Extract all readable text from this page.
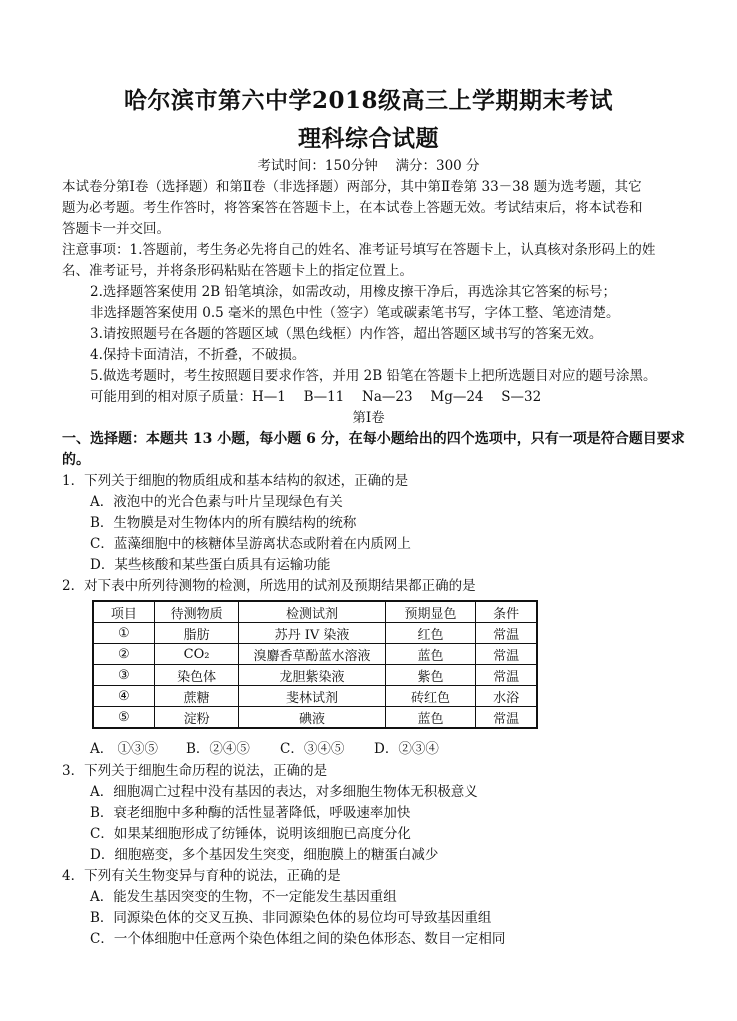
哈尔滨市第六中学2018级高三上学期期末考试
理科综合试题
考试时间：150分钟　 满分：300 分
本试卷分第Ⅰ卷（选择题）和第Ⅱ卷（非选择题）两部分，其中第Ⅱ卷第 33－38 题为选考题，其它
题为必考题。考生作答时，将答案答在答题卡上，在本试卷上答题无效。考试结束后，将本试卷和
答题卡一并交回。
注意事项：1.答题前，考生务必先将自己的姓名、准考证号填写在答题卡上，认真核对条形码上的姓
名、准考证号，并将条形码粘贴在答题卡上的指定位置上。
2.选择题答案使用 2B 铅笔填涂，如需改动，用橡皮擦干净后，再选涂其它答案的标号；
非选择题答案使用 0.5 毫米的黑色中性（签字）笔或碳素笔书写，字体工整、笔迹清楚。
3.请按照题号在各题的答题区域（黑色线框）内作答，超出答题区域书写的答案无效。
4.保持卡面清洁，不折叠，不破损。
5.做选考题时，考生按照题目要求作答，并用 2B 铅笔在答题卡上把所选题目对应的题号涂黑。
可能用到的相对原子质量：H—1　 B—11　 Na—23　 Mg—24　 S—32
第Ⅰ卷
一、选择题：本题共 13 小题，每小题 6 分，在每小题给出的四个选项中，只有一项是符合题目要求
的。
1．下列关于细胞的物质组成和基本结构的叙述，正确的是
A．液泡中的光合色素与叶片呈现绿色有关
B．生物膜是对生物体内的所有膜结构的统称
C．蓝藻细胞中的核糖体呈游离状态或附着在内质网上
D．某些核酸和某些蛋白质具有运输功能
2．对下表中所列待测物的检测，所选用的试剂及预期结果都正确的是
项目	待测物质	检测试剂	预期显色	条件
①	脂肪	苏丹 IV 染液	红色	常温
②	CO₂	溴麝香草酚蓝水溶液	蓝色	常温
③	染色体	龙胆紫染液	紫色	常温
④	蔗糖	斐林试剂	砖红色	水浴
⑤	淀粉	碘液	蓝色	常温
A． ①③⑤ B．②④⑤ C．③④⑤ D．②③④
3．下列关于细胞生命历程的说法，正确的是
A．细胞凋亡过程中没有基因的表达，对多细胞生物体无积极意义
B．衰老细胞中多种酶的活性显著降低，呼吸速率加快
C．如果某细胞形成了纺锤体，说明该细胞已高度分化
D．细胞癌变，多个基因发生突变，细胞膜上的糖蛋白减少
4．下列有关生物变异与育种的说法，正确的是
A．能发生基因突变的生物，不一定能发生基因重组
B．同源染色体的交叉互换、非同源染色体的易位均可导致基因重组
C．一个体细胞中任意两个染色体组之间的染色体形态、数目一定相同
